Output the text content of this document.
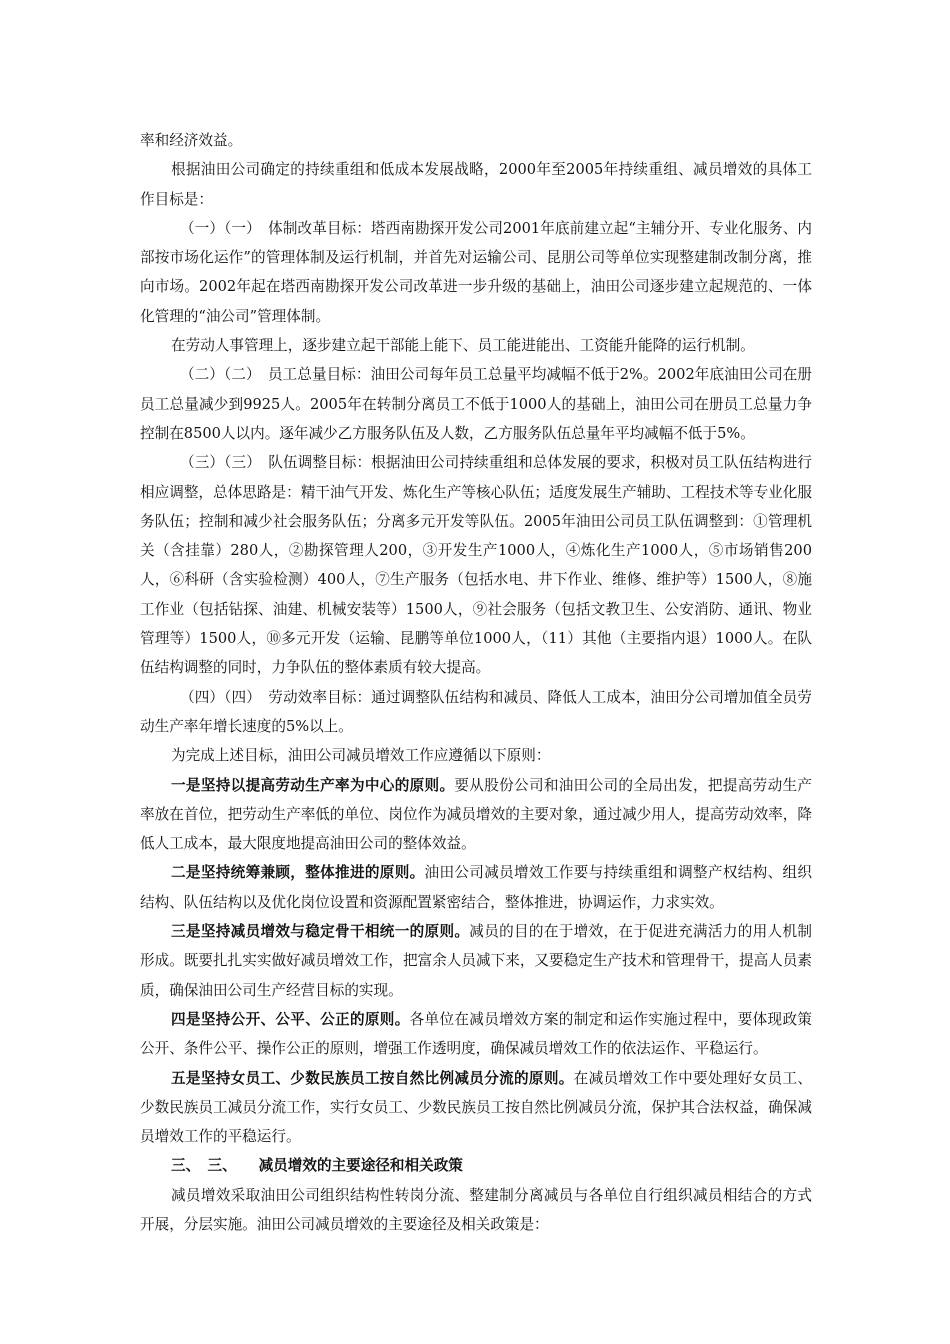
率和经济效益。

根据油田公司确定的持续重组和低成本发展战略，2000年至2005年持续重组、减员增效的具体工作目标是：

（一）（一）　体制改革目标：塔西南勘探开发公司2001年底前建立起“主辅分开、专业化服务、内部按市场化运作”的管理体制及运行机制，并首先对运输公司、昆朋公司等单位实现整建制改制分离，推向市场。2002年起在塔西南勘探开发公司改革进一步升级的基础上，油田公司逐步建立起规范的、一体化管理的“油公司”管理体制。

在劳动人事管理上，逐步建立起干部能上能下、员工能进能出、工资能升能降的运行机制。

（二）（二）　员工总量目标：油田公司每年员工总量平均减幅不低于2%。2002年底油田公司在册员工总量减少到9925人。2005年在转制分离员工不低于1000人的基础上，油田公司在册员工总量力争控制在8500人以内。逐年减少乙方服务队伍及人数，乙方服务队伍总量年平均减幅不低于5%。

（三）（三）　队伍调整目标：根据油田公司持续重组和总体发展的要求，积极对员工队伍结构进行相应调整，总体思路是：精干油气开发、炼化生产等核心队伍；适度发展生产辅助、工程技术等专业化服务队伍；控制和减少社会服务队伍；分离多元开发等队伍。2005年油田公司员工队伍调整到：①管理机关（含挂靠）280人，②勘探管理人200，③开发生产1000人，④炼化生产1000人，⑤市场销售200人，⑥科研（含实验检测）400人，⑦生产服务（包括水电、井下作业、维修、维护等）1500人，⑧施工作业（包括钻探、油建、机械安装等）1500人，⑨社会服务（包括文教卫生、公安消防、通讯、物业管理等）1500人，⑩多元开发（运输、昆鹏等单位1000人，（11）其他（主要指内退）1000人。在队伍结构调整的同时，力争队伍的整体素质有较大提高。

（四）（四）　劳动效率目标：通过调整队伍结构和减员、降低人工成本，油田分公司增加值全员劳动生产率年增长速度的5%以上。

为完成上述目标，油田公司减员增效工作应遵循以下原则：

一是坚持以提高劳动生产率为中心的原则。要从股份公司和油田公司的全局出发，把提高劳动生产率放在首位，把劳动生产率低的单位、岗位作为减员增效的主要对象，通过减少用人，提高劳动效率，降低人工成本，最大限度地提高油田公司的整体效益。

二是坚持统筹兼顾，整体推进的原则。油田公司减员增效工作要与持续重组和调整产权结构、组织结构、队伍结构以及优化岗位设置和资源配置紧密结合，整体推进，协调运作，力求实效。

三是坚持减员增效与稳定骨干相统一的原则。减员的目的在于增效，在于促进充满活力的用人机制形成。既要扎扎实实做好减员增效工作，把富余人员减下来，又要稳定生产技术和管理骨干，提高人员素质，确保油田公司生产经营目标的实现。

四是坚持公开、公平、公正的原则。各单位在减员增效方案的制定和运作实施过程中，要体现政策公开、条件公平、操作公正的原则，增强工作透明度，确保减员增效工作的依法运作、平稳运行。

五是坚持女员工、少数民族员工按自然比例减员分流的原则。在减员增效工作中要处理好女员工、少数民族员工减员分流工作，实行女员工、少数民族员工按自然比例减员分流，保护其合法权益，确保减员增效工作的平稳运行。

三、　三、　　 减员增效的主要途径和相关政策

减员增效采取油田公司组织结构性转岗分流、整建制分离减员与各单位自行组织减员相结合的方式开展，分层实施。油田公司减员增效的主要途径及相关政策是：
